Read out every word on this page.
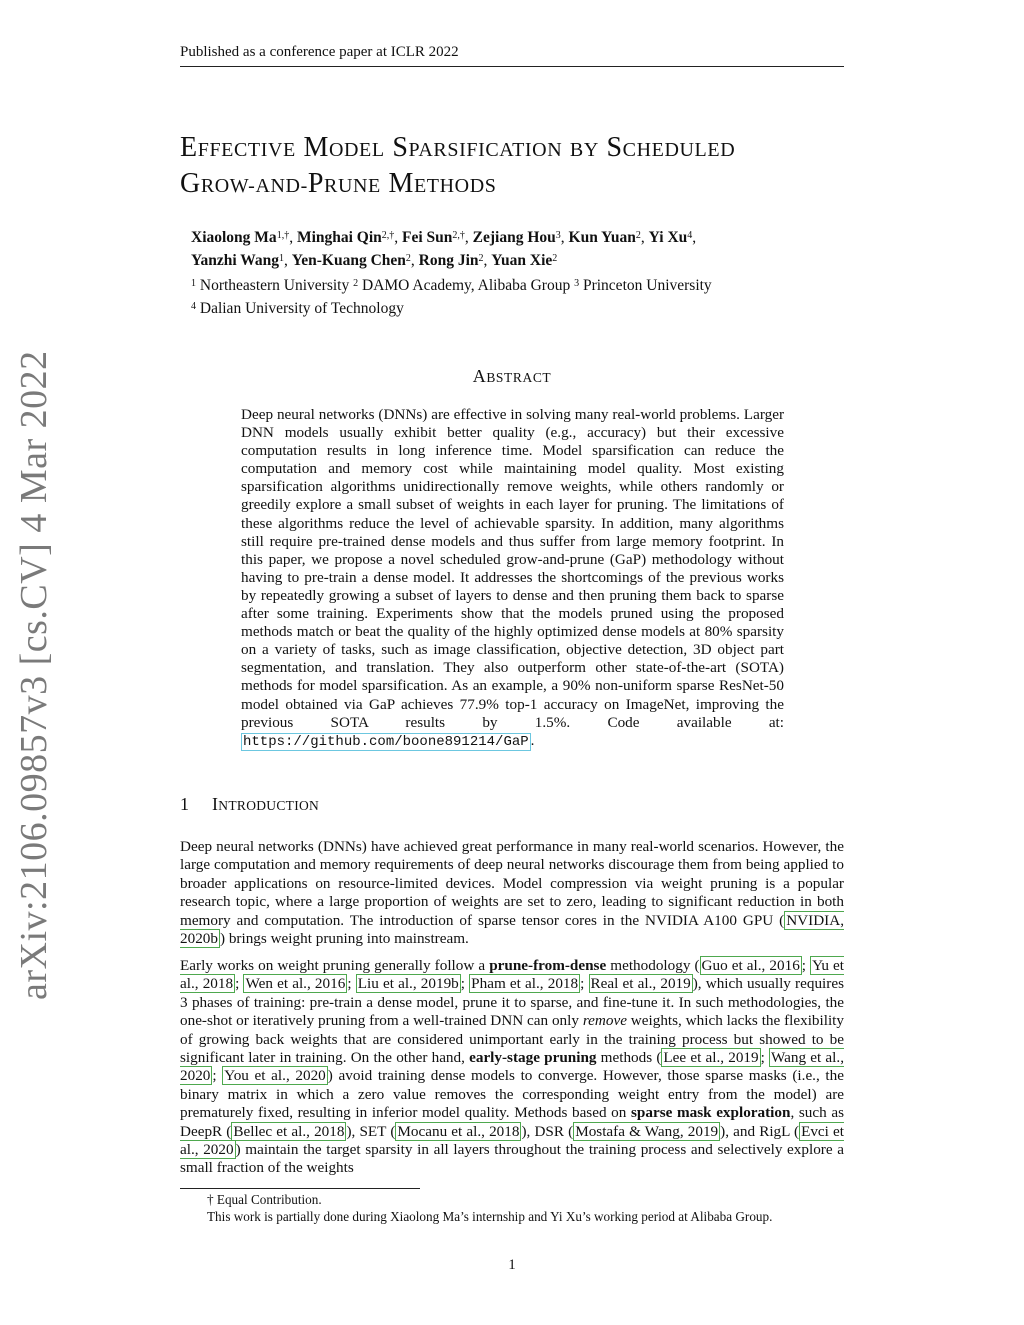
Published as a conference paper at ICLR 2022
arXiv:2106.09857v3 [cs.CV] 4 Mar 2022
EFFECTIVE MODEL SPARSIFICATION BY SCHEDULED
GROW-AND-PRUNE METHODS
Xiaolong $Ma^{1,\dagger}$, Minghai Qin$^{2,\dagger}$, Fei Sun$^{2,\dagger}$, Zejiang Hou$^3$, Kun Yuan$^2$, Yi Xu$^4$,
Yanzhi Wang$^1$, Yen-Kuang Chen$^2$, Rong Jin$^2$, Yuan Xie$^2$
$^1$ Northeastern University $^2$ DAMO Academy, Alibaba Group $^3$ Princeton University
$^4$ Dalian University of Technology
ABSTRACT

Deep neural networks (DNNs) are effective in solving many real-world problems. Larger DNN models usually exhibit better quality (e.g., accuracy) but their excessive computation results in long inference time. Model sparsification can reduce the computation and memory cost while maintaining model quality. Most existing sparsification algorithms unidirectionally remove weights, while others randomly or greedily explore a small subset of weights in each layer for pruning. The limitations of these algorithms reduce the level of achievable sparsity. In addition, many algorithms still require pre-trained dense models and thus suffer from large memory footprint. In this paper, we propose a novel scheduled grow-and-prune (GaP) methodology without having to pre-train a dense model. It addresses the shortcomings of the previous works by repeatedly growing a subset of layers to dense and then pruning them back to sparse after some training. Experiments show that the models pruned using the proposed methods match or beat the quality of the highly optimized dense models at 80% sparsity on a variety of tasks, such as image classification, objective detection, 3D object part segmentation, and translation. They also outperform other state-of-the-art (SOTA) methods for model sparsification. As an example, a 90% non-uniform sparse ResNet-50 model obtained via GaP achieves 77.9% top-1 accuracy on ImageNet, improving the previous SOTA results by 1.5%. Code available at: https://github.com/boone891214/GaP .

1 INTRODUCTION

Deep neural networks (DNNs) have achieved great performance in many real-world scenarios. However, the large computation and memory requirements of deep neural networks discourage them from being applied to broader applications on resource-limited devices. Model compression via weight pruning is a popular research topic, where a large proportion of weights are set to zero, leading to significant reduction in both memory and computation. The introduction of sparse tensor cores in the NVIDIA A100 GPU ( NVIDIA, 2020b ) brings weight pruning into mainstream.

Early works on weight pruning generally follow a prune-from-dense methodology ( Guo et al., 2016 ; Yu et al., 2018 ; Wen et al., 2016 ; Liu et al., 2019b ; Pham et al., 2018 ; Real et al., 2019 ), which usually requires 3 phases of training: pre-train a dense model, prune it to sparse, and fine-tune it. In such methodologies, the one-shot or iteratively pruning from a well-trained DNN can only remove weights, which lacks the flexibility of growing back weights that are considered unimportant early in the training process but showed to be significant later in training. On the other hand, early-stage pruning methods ( Lee et al., 2019 ; Wang et al., 2020 ; You et al., 2020 ) avoid training dense models to converge. However, those sparse masks (i.e., the binary matrix in which a zero value removes the corresponding weight entry from the model) are prematurely fixed, resulting in inferior model quality. Methods based on sparse mask exploration, such as DeepR ( Bellec et al., 2018 ), SET ( Mocanu et al., 2018 ), DSR ( Mostafa & Wang, 2019 ), and RigL ( Evci et al., 2020 ) maintain the target sparsity in all layers throughout the training process and selectively explore a small fraction of the weights

† Equal Contribution.
This work is partially done during Xiaolong Ma’s internship and Yi Xu’s working period at Alibaba Group.
1
